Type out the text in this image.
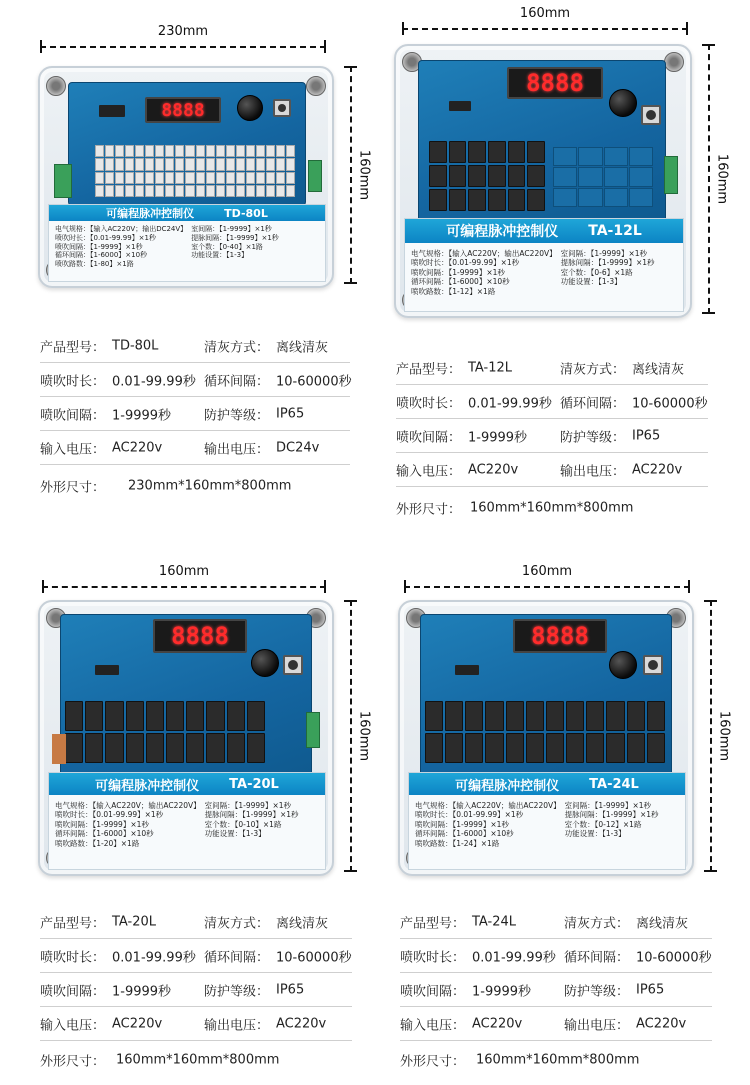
230mm
160mm
8888
可编程脉冲控制仪	TD-80L
电气规格：【输入AC220V；输出DC24V】
喷吹时长：【0.01-99.99】×1秒
喷吹间隔：【1-9999】×1秒
循环间隔：【1-6000】×10秒
喷吹路数：【1-80】×1路
室间隔：【1-9999】×1秒
提脉间隔：【1-9999】×1秒
室个数：【0-40】×1路
功能设置：【1-3】
产品型号： TD-80L	清灰方式： 离线清灰
喷吹时长： 0.01-99.99秒 循环间隔： 10-60000秒
喷吹间隔： 1-9999秒	防护等级： IP65
输入电压： AC220v	输出电压： DC24v
外形尺寸： 230mm*160mm*800mm
160mm
160mm
8888
可编程脉冲控制仪 TA-12L
电气规格：【输入AC220V；输出AC220V】
喷吹时长：【0.01-99.99】×1秒
喷吹间隔：【1-9999】×1秒
循环间隔：【1-6000】×10秒
喷吹路数：【1-12】×1路
室间隔：【1-9999】×1秒
提脉间隔：【1-9999】×1秒
室个数：【0-6】×1路
功能设置：【1-3】
产品型号： TA-12L	清灰方式： 离线清灰
喷吹时长： 0.01-99.99秒 循环间隔： 10-60000秒
喷吹间隔： 1-9999秒	防护等级： IP65
输入电压： AC220v	输出电压： AC220v
外形尺寸： 160mm*160mm*800mm
160mm
160mm
8888
可编程脉冲控制仪 TA-20L
电气规格：【输入AC220V；输出AC220V】
喷吹时长：【0.01-99.99】×1秒
喷吹间隔：【1-9999】×1秒
循环间隔：【1-6000】×10秒
喷吹路数：【1-20】×1路
室间隔：【1-9999】×1秒
提脉间隔：【1-9999】×1秒
室个数：【0-10】×1路
功能设置：【1-3】
产品型号： TA-20L	清灰方式： 离线清灰
喷吹时长： 0.01-99.99秒 循环间隔： 10-60000秒
喷吹间隔： 1-9999秒	防护等级： IP65
输入电压： AC220v	输出电压： AC220v
外形尺寸： 160mm*160mm*800mm
160mm
160mm
8888
可编程脉冲控制仪 TA-24L
电气规格：【输入AC220V；输出AC220V】
喷吹时长：【0.01-99.99】×1秒
喷吹间隔：【1-9999】×1秒
循环间隔：【1-6000】×10秒
喷吹路数：【1-24】×1路
室间隔：【1-9999】×1秒
提脉间隔：【1-9999】×1秒
室个数：【0-12】×1路
功能设置：【1-3】
产品型号： TA-24L	清灰方式： 离线清灰
喷吹时长： 0.01-99.99秒 循环间隔： 10-60000秒
喷吹间隔： 1-9999秒	防护等级： IP65
输入电压： AC220v	输出电压： AC220v
外形尺寸： 160mm*160mm*800mm
